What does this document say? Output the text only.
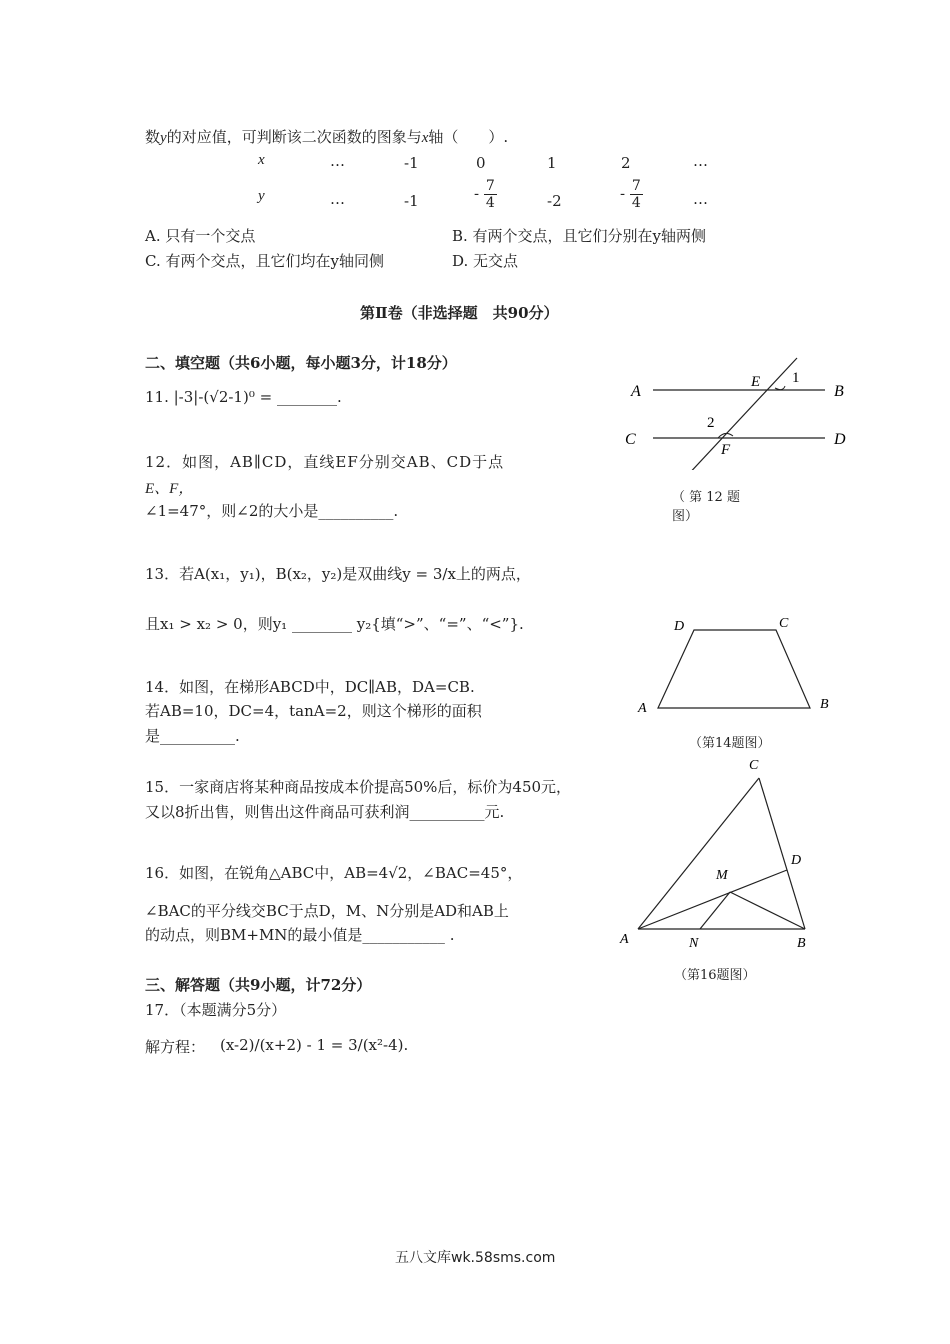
数y的对应值，可判断该二次函数的图象与x轴（　　）.
x	…	-1	0	1	2	…
y	…	-1	- $\frac{7}{4}$	-2	- $\frac{7}{4}$	…
A. 只有一个交点	B. 有两个交点，且它们分别在y轴两侧
C. 有两个交点，且它们均在y轴同侧	D. 无交点
第Ⅱ卷（非选择题　共90分）
二、填空题（共6小题，每小题3分，计18分）
11. |-3|-(√2-1)⁰ = ________.
12．如图，AB∥CD，直线EF分别交AB、CD于点
E、F，
∠1=47°，则∠2的大小是__________.
13．若A(x₁，y₁)，B(x₂，y₂)是双曲线y = 3/x上的两点，
且x₁ > x₂ > 0，则y₁ ________ y₂{填“>”、“=”、“<”}.
14．如图，在梯形ABCD中，DC∥AB，DA=CB.
若AB=10，DC=4，tanA=2，则这个梯形的面积
是__________.
15．一家商店将某种商品按成本价提高50%后，标价为450元，
又以8折出售，则售出这件商品可获利润__________元.
16．如图，在锐角△ABC中，AB=4√2，∠BAC=45°，
∠BAC的平分线交BC于点D，M、N分别是AD和AB上
的动点，则BM+MN的最小值是___________ .
三、解答题（共9小题，计72分）
17．（本题满分5分）
解方程： (x-2)/(x+2) - 1 = 3/(x²-4).
A	B
C	D
E
F
1
2
（ 第 12 题
图）
A	B
C
D
（第14题图）
A	B
C
D
M
N
（第16题图）
五八文库wk.58sms.com
